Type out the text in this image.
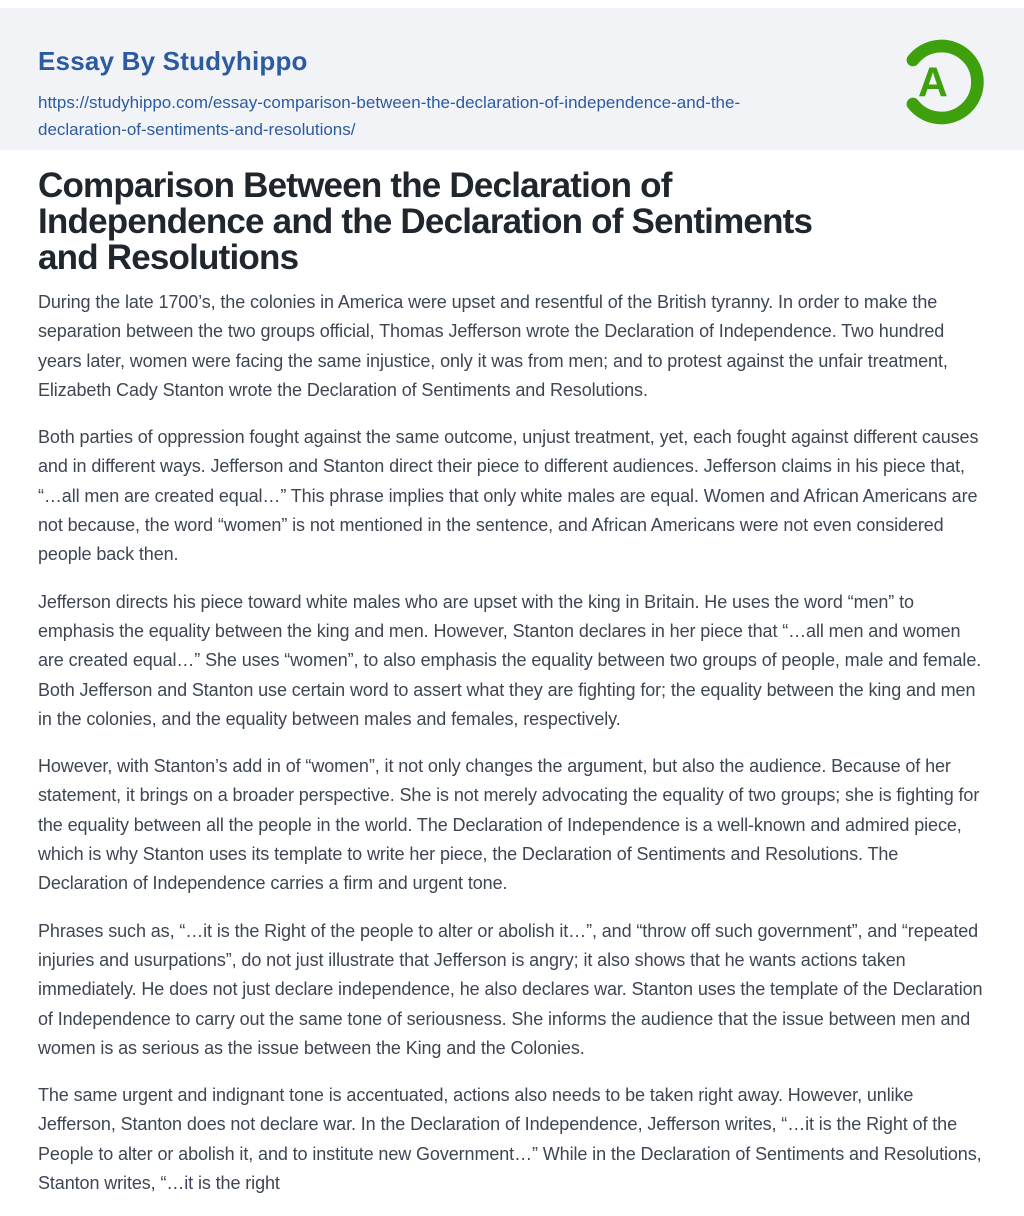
Essay By Studyhippo
https://studyhippo.com/essay-comparison-between-the-declaration-of-independence-and-the-
declaration-of-sentiments-and-resolutions/
A
Comparison Between the Declaration of
Independence and the Declaration of Sentiments
and Resolutions

During the late 1700’s, the colonies in America were upset and resentful of the British tyranny. In order to make the separation between the two groups official, Thomas Jefferson wrote the Declaration of Independence. Two hundred years later, women were facing the same injustice, only it was from men; and to protest against the unfair treatment, Elizabeth Cady Stanton wrote the Declaration of Sentiments and Resolutions.

Both parties of oppression fought against the same outcome, unjust treatment, yet, each fought against different causes and in different ways. Jefferson and Stanton direct their piece to different audiences. Jefferson claims in his piece that, “…all men are created equal…” This phrase implies that only white males are equal. Women and African Americans are not because, the word “women” is not mentioned in the sentence, and African Americans were not even considered people back then.

Jefferson directs his piece toward white males who are upset with the king in Britain. He uses the word “men” to emphasis the equality between the king and men. However, Stanton declares in her piece that “…all men and women are created equal…” She uses “women”, to also emphasis the equality between two groups of people, male and female. Both Jefferson and Stanton use certain word to assert what they are fighting for; the equality between the king and men in the colonies, and the equality between males and females, respectively.

However, with Stanton’s add in of “women”, it not only changes the argument, but also the audience. Because of her statement, it brings on a broader perspective. She is not merely advocating the equality of two groups; she is fighting for the equality between all the people in the world. The Declaration of Independence is a well-known and admired piece, which is why Stanton uses its template to write her piece, the Declaration of Sentiments and Resolutions. The Declaration of Independence carries a firm and urgent tone.

Phrases such as, “…it is the Right of the people to alter or abolish it…”, and “throw off such government”, and “repeated injuries and usurpations”, do not just illustrate that Jefferson is angry; it also shows that he wants actions taken immediately. He does not just declare independence, he also declares war. Stanton uses the template of the Declaration of Independence to carry out the same tone of seriousness. She informs the audience that the issue between men and women is as serious as the issue between the King and the Colonies.

The same urgent and indignant tone is accentuated, actions also needs to be taken right away. However, unlike Jefferson, Stanton does not declare war. In the Declaration of Independence, Jefferson writes, “…it is the Right of the People to alter or abolish it, and to institute new Government…” While in the Declaration of Sentiments and Resolutions, Stanton writes, “…it is the right
